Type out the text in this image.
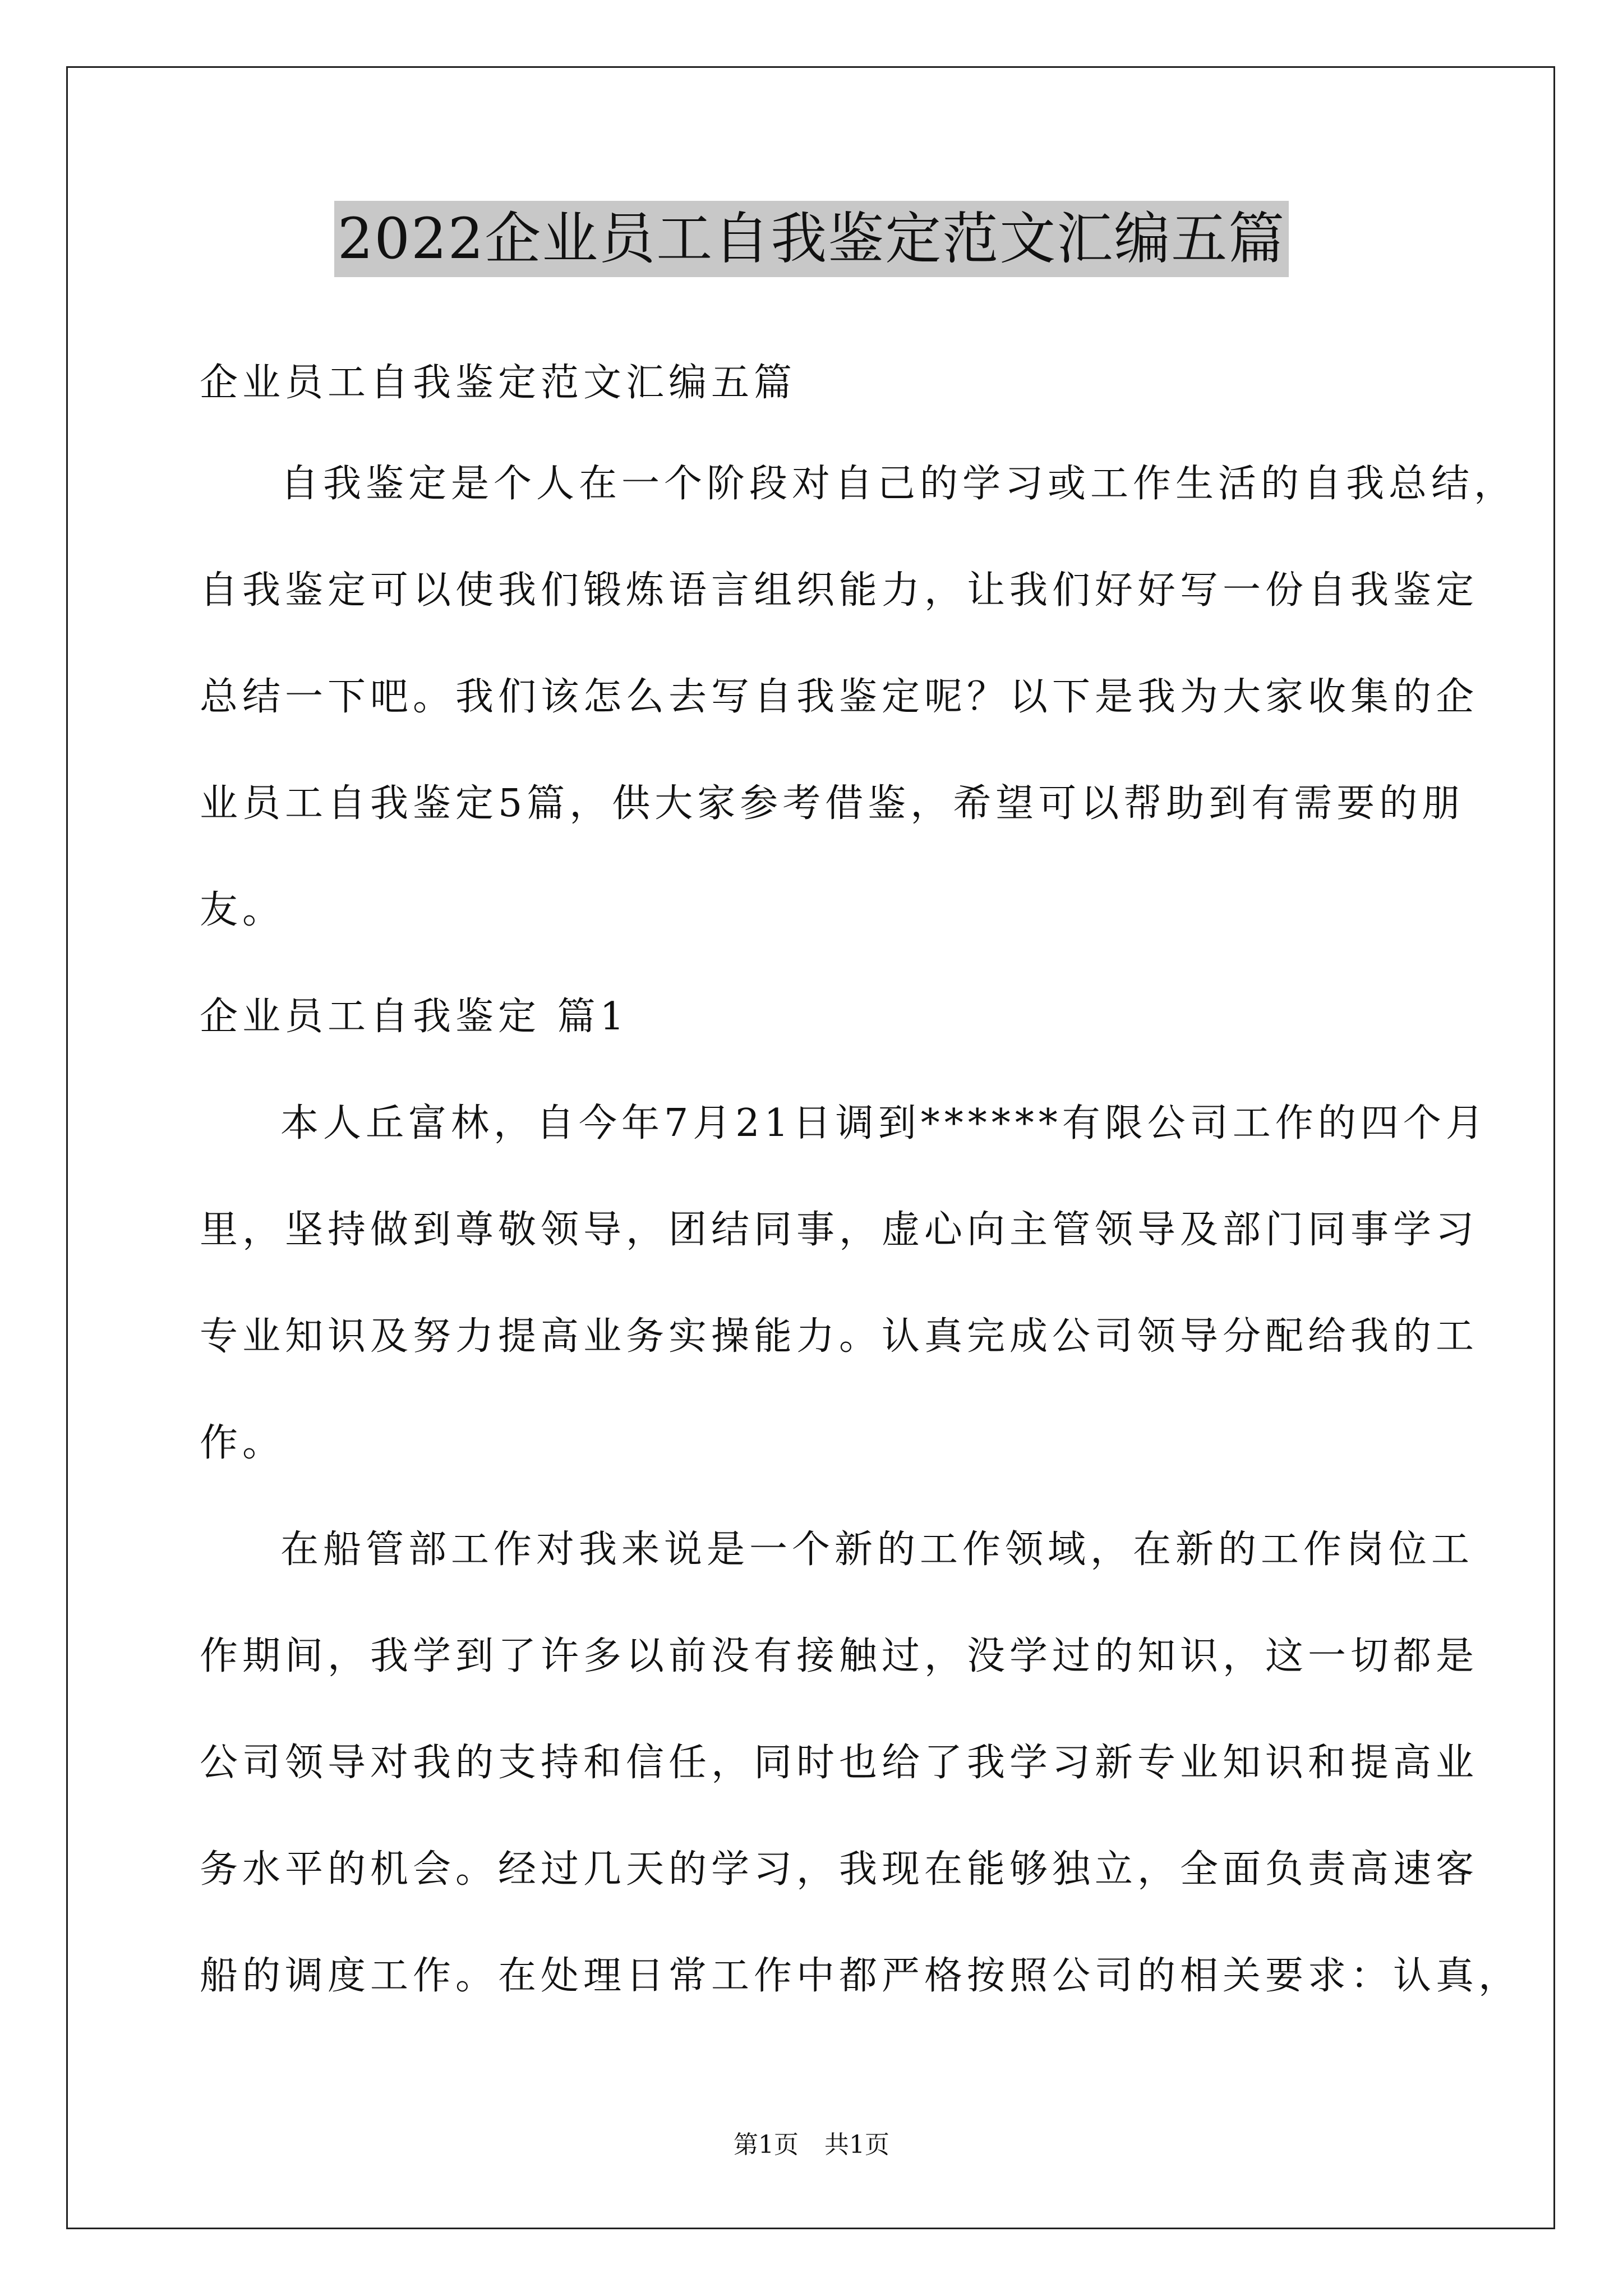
2022企业员工自我鉴定范文汇编五篇
企业员工自我鉴定范文汇编五篇
自我鉴定是个人在一个阶段对自己的学习或工作生活的自我总结，
自我鉴定可以使我们锻炼语言组织能力，让我们好好写一份自我鉴定
总结一下吧。我们该怎么去写自我鉴定呢？以下是我为大家收集的企
业员工自我鉴定5篇，供大家参考借鉴，希望可以帮助到有需要的朋
友。
企业员工自我鉴定 篇1
本人丘富林，自今年7月21日调到******有限公司工作的四个月
里，坚持做到尊敬领导，团结同事，虚心向主管领导及部门同事学习
专业知识及努力提高业务实操能力。认真完成公司领导分配给我的工
作。
在船管部工作对我来说是一个新的工作领域，在新的工作岗位工
作期间，我学到了许多以前没有接触过，没学过的知识，这一切都是
公司领导对我的支持和信任，同时也给了我学习新专业知识和提高业
务水平的机会。经过几天的学习，我现在能够独立，全面负责高速客
船的调度工作。在处理日常工作中都严格按照公司的相关要求：认真，
第1页 共1页
